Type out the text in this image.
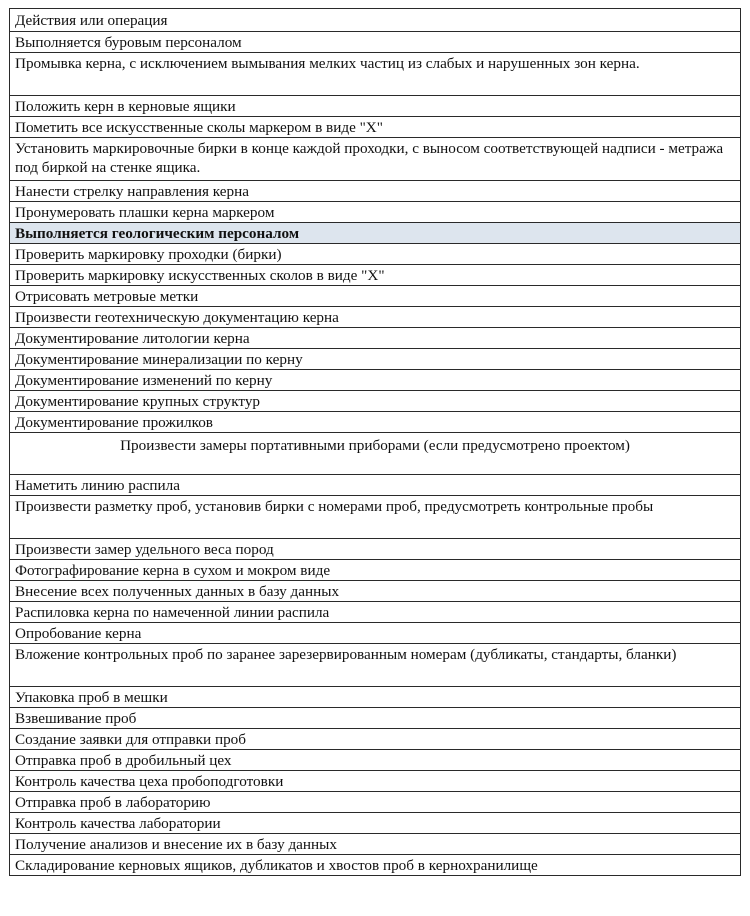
Действия или операция
Выполняется буровым персоналом
Промывка керна, с исключением вымывания мелких частиц из слабых и нарушенных зон керна.
Положить керн в керновые ящики
Пометить все искусственные сколы маркером в виде "Х"
Установить маркировочные бирки в конце каждой проходки, с выносом соответствующей надписи - метража под биркой на стенке ящика.
Нанести стрелку направления керна
Пронумеровать плашки керна маркером
Выполняется геологическим персоналом
Проверить маркировку проходки (бирки)
Проверить маркировку искусственных сколов в виде "Х"
Отрисовать метровые метки
Произвести геотехническую документацию керна
Документирование литологии керна
Документирование минерализации по керну
Документирование изменений по керну
Документирование крупных структур
Документирование прожилков
Произвести замеры портативными приборами (если предусмотрено проектом)
Наметить линию распила
Произвести разметку проб, установив бирки с номерами проб, предусмотреть контрольные пробы
Произвести замер удельного веса пород
Фотографирование керна в сухом и мокром виде
Внесение всех полученных данных в базу данных
Распиловка керна по намеченной линии распила
Опробование керна
Вложение контрольных проб по заранее зарезервированным номерам (дубликаты, стандарты, бланки)
Упаковка проб в мешки
Взвешивание проб
Создание заявки для отправки проб
Отправка проб в дробильный цех
Контроль качества цеха пробоподготовки
Отправка проб в лабораторию
Контроль качества лаборатории
Получение анализов и внесение их в базу данных
Складирование керновых ящиков, дубликатов и хвостов проб в кернохранилище
